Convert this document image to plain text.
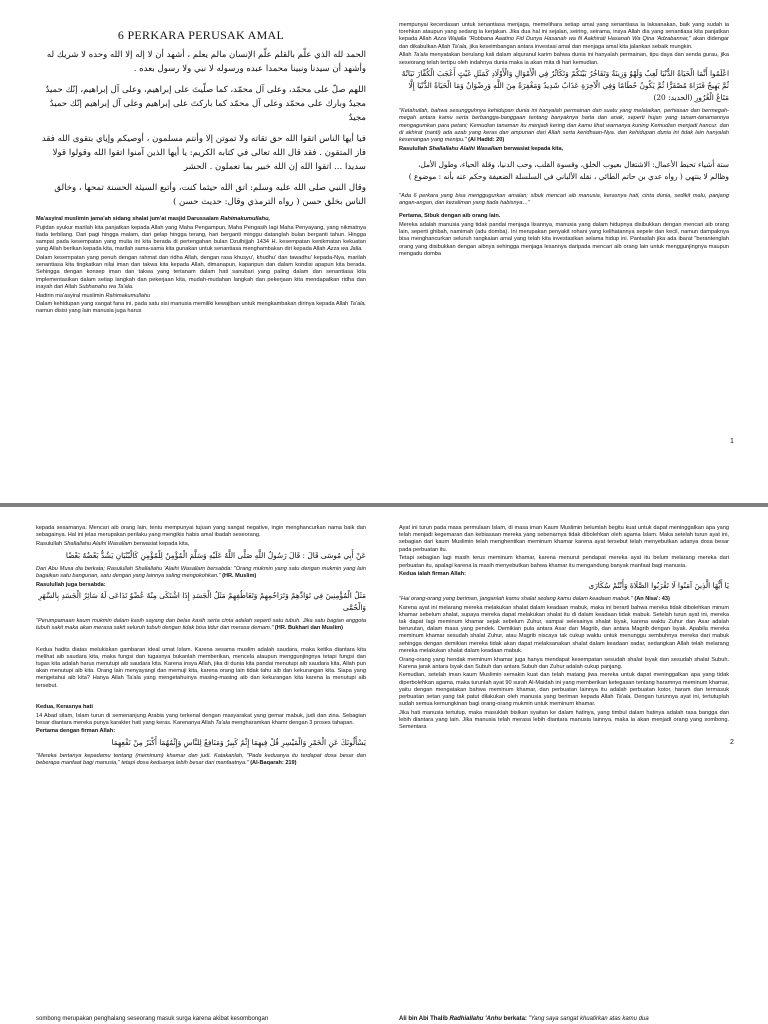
6 PERKARA PERUSAK AMAL
الحمد لله الذي علّم بالقلم علّم الإنسان مالم يعلم ، أشهد أن لا إله إلا الله وحده لا شريك له وأشهد أن سيدنا ونبينا محمدا عبده ورسوله لا نبي ولا رسول بعده .
اللهم صلّ على محمّد، وعلى آل محمّد، كما صلّيتَ على إبراهيم، وعلى آل إبراهيم، إنّك حميدٌ مجيدٌ وبارك على محمّد وعلى آل محمّد كما باركتَ على إبراهيم وعلى آل إبراهيم إنّك حميدٌ مجيدٌ
فيا أيها الناس اتقوا الله حق تقاته ولا تموتن إلا وأنتم مسلمون ، أوصيكم وإياي بتقوى الله فقد فاز المتقون . فقد قال الله تعالى في كتابه الكريم: يا أيها الذين آمنوا اتقوا الله وقولوا قولا سديدا ... اتقوا الله إن الله خبير بما تعملون . الحشر
وقال النبي صلى الله عليه وسلم: اتق الله حيثما كنت، وأتبع السيئة الحسنة تمحها ، وخالق الناس بخلق حسن ( رواه الترمذي وقال: حديث حسن )

Ma'asyiral muslimin jama'ah sidang shalat jum'at masjid Darussalam Rahimakumullahu,

Pujidan syukur marilah kita panjatkan kepada Allah yang Maha Pengampun, Maha Pengasih lagi Maha Penyayang, yang nikmatnya tiada terbilang. Dari pagi hingga malam, dari gelap hingga terang, hari berganti minggu datanglah bulan berganti tahun. Hingga sampai pada kesempatan yang mulia ini kita berada di pertengahan bulan Dzulhijjah 1434 H. kesempatan kenikmatan kekuatan yang Allah berikan kepada kita, marilah sama-sama kita gunakan untuk senantiasa menghambakan diri kepada Allah Azza wa Jalla.

Dalam kesempatan yang penuh dengan rahmat dan ridha Allah, dengan rasa khusyu', khudhu' dan tawadhu' kepada-Nya, marilah senantiasa kita tingkatkan nilai iman dan takwa kita kepada Allah, dimanapun, kapanpun dan dalam kondisi apapun kita berada. Sehingga dengan konsep iman dan takwa yang tertanam dalam hati sanubari yang paling dalam dan senantiasa kita implementasikan dalam setiap langkah dan pekerjaan kita, mudah-mudahan langkah dan pekerjaan kita mendapatkan ridha dan inayah dari Allah Subhanahu wa Ta'ala.

Hadirin ma'asyiral muslimin Rahimakumullahu

Dalam kehidupan yang sangat fana ini, pada satu sisi manusia memiliki kewajiban untuk mengkambakan dirinya kepada Allah Ta'ala, namun disisi yang lain manusia juga harus

mempunyai kecerdasan untuk senantiasa menjaga, memelihara setiap amal yang senantiasa ia laksanakan, baik yang sudah ia torehkan ataupun yang sedang ia kerjakan. Jika dua hal ini sejalan, seiring, seirama, insya Allah dia yang senantiasa kita panjatkan kepada Allah Azza Wajalla "Robbana Aaatino Fid Dunya Hasanah wa fil Aakhirati Hasanah Wa Qina 'Adzabannar," akan didengar dan dikabulkan Allah Ta'ala, jika keseimbangan antara investasi amal dan menjaga amal kita jalankan sebaik mungkin.

Allah Ta'ala menyatakan berulang kali dalam alquranul karim bahwa dunia ini hanyalah permainan, tipu daya dan senda gurau, jika seseorang telah tertipu oleh indahnya dunia maka ia akan mita di hari kemudian.

اعْلَمُوا أَنَّمَا الْحَيَاةُ الدُّنْيَا لَعِبٌ وَلَهْوٌ وَزِينَةٌ وَتَفَاخُرٌ بَيْنَكُمْ وَتَكَاثُرٌ فِي الْأَمْوَالِ وَالْأَوْلَادِ كَمَثَلِ غَيْثٍ أَعْجَبَ الْكُفَّارَ نَبَاتُهُ ثُمَّ يَهِيجُ فَتَرَاهُ مُصْفَرًّا ثُمَّ يَكُونُ حُطَامًا وَفِي الْآخِرَةِ عَذَابٌ شَدِيدٌ وَمَغْفِرَةٌ مِنَ اللَّهِ وَرِضْوَانٌ وَمَا الْحَيَاةُ الدُّنْيَا إِلَّا مَتَاعُ الْغُرُورِ (الحديد: 20)

"Ketahuilah, bahwa sesungguhnya kehidupan dunia ini hanyalah permainan dan suatu yang melalaikan, perhiasan dan bermegah- megah antara kamu serta berbangga-banggaan tentang banyaknya harta dan anak, seperti hujan yang tanam-tanamannya mengagumkan para petani; Kemudian tanaman itu menjadi kering dan kamu lihat warnanya kuning Kemudian menjadi hancur. dan di akhirat (nanti) ada azab yang keras dan ampunan dari Allah serta keridhaan-Nya. dan kehidupan dunia ini tidak lain hanyalah kesenangan yang menipu." (Al Hadid: 20)

Rasulullah Shallallahu Alaihi Wasallam berwasiat kepada kita,

ستة أشياء تحبط الأعمال: الاشتغال بعيوب الخلق، وقسوة القلب، وحب الدنيا، وقلة الحياء، وطول الأمل، وظالم لا ينتهي ( رواه عدي بن حاتم الطائي ، نقله الألباني في السلسلة الضعيفة وحكم عنه بأنه : موضوع )

"Ada 6 perkara yang bisa menggugurkan amalan; sibuk mencari aib manusia, kerasnya hati, cinta dunia, sedikit malu, panjang angan-angan, dan kezaliman yang tiada habisnya…"

Pertama, Sibuk dengan aib orang lain.

Mereka adalah manusia yang tidak pandai menjaga lisannya, manusia yang dalam hidupnya disibukkan dengan mencari aib orang lain, seperti ghibah, namimah (adu domba). Ini merupakan penyakit rohani yang kelihatannya sepele dan kecil, namun dampaknya bisa menghancurkan seluruh rangkaian amal yang telah kita investasikan selama hidup ini. Pantaslah jika ada ibarat "berantenglah orang yang disibukkan dengan aibnya sehingga menjaga lesannya daripada mencari aib orang lain untuk menggunjingnya maupun mengadu domba

1

kepada sesamanya. Mencari aib orang lain, tentu mempunyai tujuan yang sangat negative, ingin menghancurkan nama baik dan sebagainya. Hal ini jelas merupakan perilaku yang mengikis habis amal ibadah seseorang.

Rasulullah Shallallahu Alaihi Wasallam berwasiat kepada kita,

عَنْ أَبِي مُوسَى قَالَ : قَالَ رَسُولُ اللَّهِ صَلَّى اللَّهُ عَلَيْهِ وَسَلَّمَ الْمُؤْمِنُ لِلْمُؤْمِنِ كَالْبُنْيَانِ يَشُدُّ بَعْضُهُ بَعْضًا

Dari Abu Musa dia berkata; Rasulullah Shallallahu 'Alaihi Wasallam bersabda: "Orang mukmin yang satu dengan mukmin yang lain bagaikan satu bangunan, satu dengan yang lainnya saling mengokohkan." (HR. Muslim)

Rasulullah juga bersabda:

مَثَلُ الْمُؤْمِنِينَ فِي تَوَادِّهِمْ وَتَرَاحُمِهِمْ وَتَعَاطُفِهِمْ مَثَلُ الْجَسَدِ إِذَا اشْتَكَى مِنْهُ عُضْوٌ تَدَاعَى لَهُ سَائِرُ الْجَسَدِ بِالسَّهَرِ وَالْحُمَّى

"Perumpamaan kaum mukmin dalam kasih sayang dan belas kasih serta cinta adalah seperti satu tubuh. Jika satu bagian anggota tubuh sakit maka akan merasa sakit seluruh tubuh dengan tidak bisa tidur dan merasa demam." (HR. Bukhari dan Muslim)

Kedua hadits diatas melukiskan gambaran ideal umat Islam. Karena sesama muslim adalah saudara, maka ketika diantara kita melihat aib saudara kita, maka fungsi dan tugasnya bukanlah memberikan, mencela ataupun menggunjingnya tetapi fungsi dan tugas kita adalah harus menutupi aib saudara kita. Karena insya Allah, jika di dunia kita pandai menutupi aib saudara kita, Allah pun akan menutupi aib kita. Orang lain menyayangi dan memuji kita, karena orang lain tidak tahu aib dan kekurangan kita. Siapa yang mengetahui aib kita? Hanya Allah Ta'ala yang mengetahuinya masing-masing aib dan kekurangan kita karena la menutupi aib tersebut.

Kedua, Kerasnya hati

14 Abad silam, Islam turun di semenanjung Arabia yang terkenal dengan masyarakat yang gemar mabuk, judi dan zina. Sebagian besar diantara mereka punya karakter hati yang keras. Karenanya Allah Ta'ala mengharamkan khamr dengan 3 proses tahapan.

Pertama dengan firman Allah:

يَسْأَلُونَكَ عَنِ الْخَمْرِ وَالْمَيْسِرِ قُلْ فِيهِمَا إِثْمٌ كَبِيرٌ وَمَنَافِعُ لِلنَّاسِ وَإِثْمُهُمَا أَكْبَرُ مِنْ نَفْعِهِمَا

"Mereka bertanya kepadamu tentang (meminum) khamar dan judi. Katakanlah, "Pada keduanya itu terdapat dosa besar dan beberapa manfaat bagi manusia," tetapi dosa keduanya lebih besar dari manfaatnya." (Al-Baqarah: 219)

Ayat ini turun pada masa permulaan Islam, di masa iman Kaum Muslimin belumlah begitu kuat untuk dapat meninggalkan apa yang telah menjadi kegemaran dan kebiasaan mereka yang sebenarnya tidak dibolehkan oleh agama Islam. Maka setelah turun ayat ini, sebagian dari kaum Muslimin telah menghentikan meminum khamar karena ayat tersebut telah menyebutkan adanya dosa besar pada perbuatan itu.

Tetapi sebagian lagi masih terus meminum khamar, karena menurut pendapat mereka ayat itu belum melarang mereka dari perbuatan itu, apalagi karena la masih menyebutkan bahwa khamar itu mengandung banyak manfaat bagi manusia.

Kedua ialah firman Allah:

يَا أَيُّهَا الَّذِينَ آمَنُوا لَا تَقْرَبُوا الصَّلَاةَ وَأَنْتُمْ سُكَارَى

"Hai orang-orang yang beriman, janganlah kamu shalat sedang kamu dalam keadaan mabuk." (An Nisa': 43)

Karena ayat ini melarang mereka melakukan shalat dalam keadaan mabuk, maka ini berarti bahwa mereka tidak dibolehkan minum khamar sebelum shalat, supaya mereka dapat melakukan shalat itu di dalam keadaan tidak mabuk. Setelah turun ayat ini, mereka tak dapat lagi meminum khamar sejak sebelum Zuhur, sampai selesainya shalat Isyak, karena waktu Zuhur dan Asar adalah berurutan, dalam masa yang pendek. Demikian pula antara Asar dan Magrib, dan antara Magrib dengan Isyak. Apabila mereka meminum khamar sesudah shalat Zuhur, atau Magrib niscaya tak cukup waktu untuk menunggu sembuhnya mereka dari mabuk sehingga dengan demikian mereka tidak akan dapat melaksanakan shalat dalam keadaan sadar, sedangkan Allah telah melarang mereka melakukan shalat dalam keadaan mabuk.

Orang-orang yang hendak meminum khamar juga hanya mendapat kesempatan sesudah shalat Isyak dan sesudah shalat Subuh. Karena jarak antara Isyak dan Subuh dan antara Subuh dan Zuhur adalah cukup panjang.

Kemudian, setelah iman kaum Muslimin semakin kuat dan telah matang jiwa mereka untuk dapat meninggalkan apa yang tidak diperbolehkan agama, maka turunlah ayat 90 surah Al-Maidah ini yang memberikan ketegasan tentang haramnya meminum khamar, yaitu dengan mengatakan bahwa meminum khamar, dan perbuatan lainnya itu adalah perbuatan kotor, haram dan termasuk perbuatan setan yang tak patut dilakukan oleh manusia yang beriman kepada Allah Ta'ala. Dengan turunnya ayat ini, tertutuplah sudah semua kemungkinan bagi orang-orang mukmin untuk meminum khamar.

Jika hati manusia tertutup, maka masuklah bisikan syaitan ke dalam hatinya, yang timbul dalam hatinya adalah rasa bangga dan lebih diantara yang lain. Jika manusia telah merasa lebih diantara manusia lainnya, maka ia akan menjadi orang yang sombong. Sementara

2
sombong merupakan penghalang seseorang masuk surga karena akibat kesombongan	Ali bin Abi Thalib Radhiallahu 'Anhu berkata: "Yang saya sangat khuatirkan atas kamu dua
